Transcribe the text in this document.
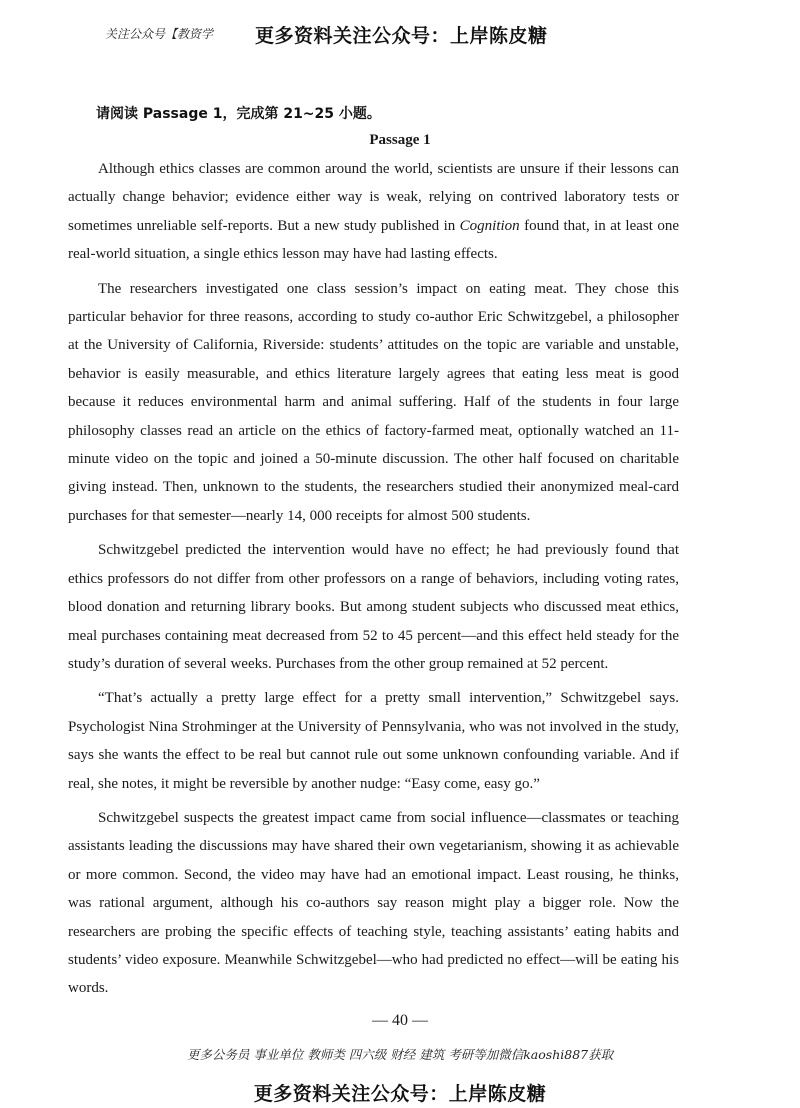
关注公众号【教资学 更多资料关注公众号：上岸陈皮糖
请阅读 Passage 1，完成第 21~25 小题。
Passage 1

Although ethics classes are common around the world, scientists are unsure if their lessons can actually change behavior; evidence either way is weak, relying on contrived laboratory tests or sometimes unreliable self-reports. But a new study published in Cognition found that, in at least one real-world situation, a single ethics lesson may have had lasting effects.

The researchers investigated one class session’s impact on eating meat. They chose this particular behavior for three reasons, according to study co-author Eric Schwitzgebel, a philosopher at the University of California, Riverside: students’ attitudes on the topic are variable and unstable, behavior is easily measurable, and ethics literature largely agrees that eating less meat is good because it reduces environmental harm and animal suffering. Half of the students in four large philosophy classes read an article on the ethics of factory-farmed meat, optionally watched an 11-minute video on the topic and joined a 50-minute discussion. The other half focused on charitable giving instead. Then, unknown to the students, the researchers studied their anonymized meal-card purchases for that semester—nearly 14, 000 receipts for almost 500 students.

Schwitzgebel predicted the intervention would have no effect; he had previously found that ethics professors do not differ from other professors on a range of behaviors, including voting rates, blood donation and returning library books. But among student subjects who discussed meat ethics, meal purchases containing meat decreased from 52 to 45 percent—and this effect held steady for the study’s duration of several weeks. Purchases from the other group remained at 52 percent.

“That’s actually a pretty large effect for a pretty small intervention,” Schwitzgebel says. Psychologist Nina Strohminger at the University of Pennsylvania, who was not involved in the study, says she wants the effect to be real but cannot rule out some unknown confounding variable. And if real, she notes, it might be reversible by another nudge: “Easy come, easy go.”

Schwitzgebel suspects the greatest impact came from social influence—classmates or teaching assistants leading the discussions may have shared their own vegetarianism, showing it as achievable or more common. Second, the video may have had an emotional impact. Least rousing, he thinks, was rational argument, although his co-authors say reason might play a bigger role. Now the researchers are probing the specific effects of teaching style, teaching assistants’ eating habits and students’ video exposure. Meanwhile Schwitzgebel—who had predicted no effect—will be eating his words.

— 40 —
更多公务员 事业单位 教师类 四六级 财经 建筑 考研等加微信kaoshi887获取
更多资料关注公众号：上岸陈皮糖
